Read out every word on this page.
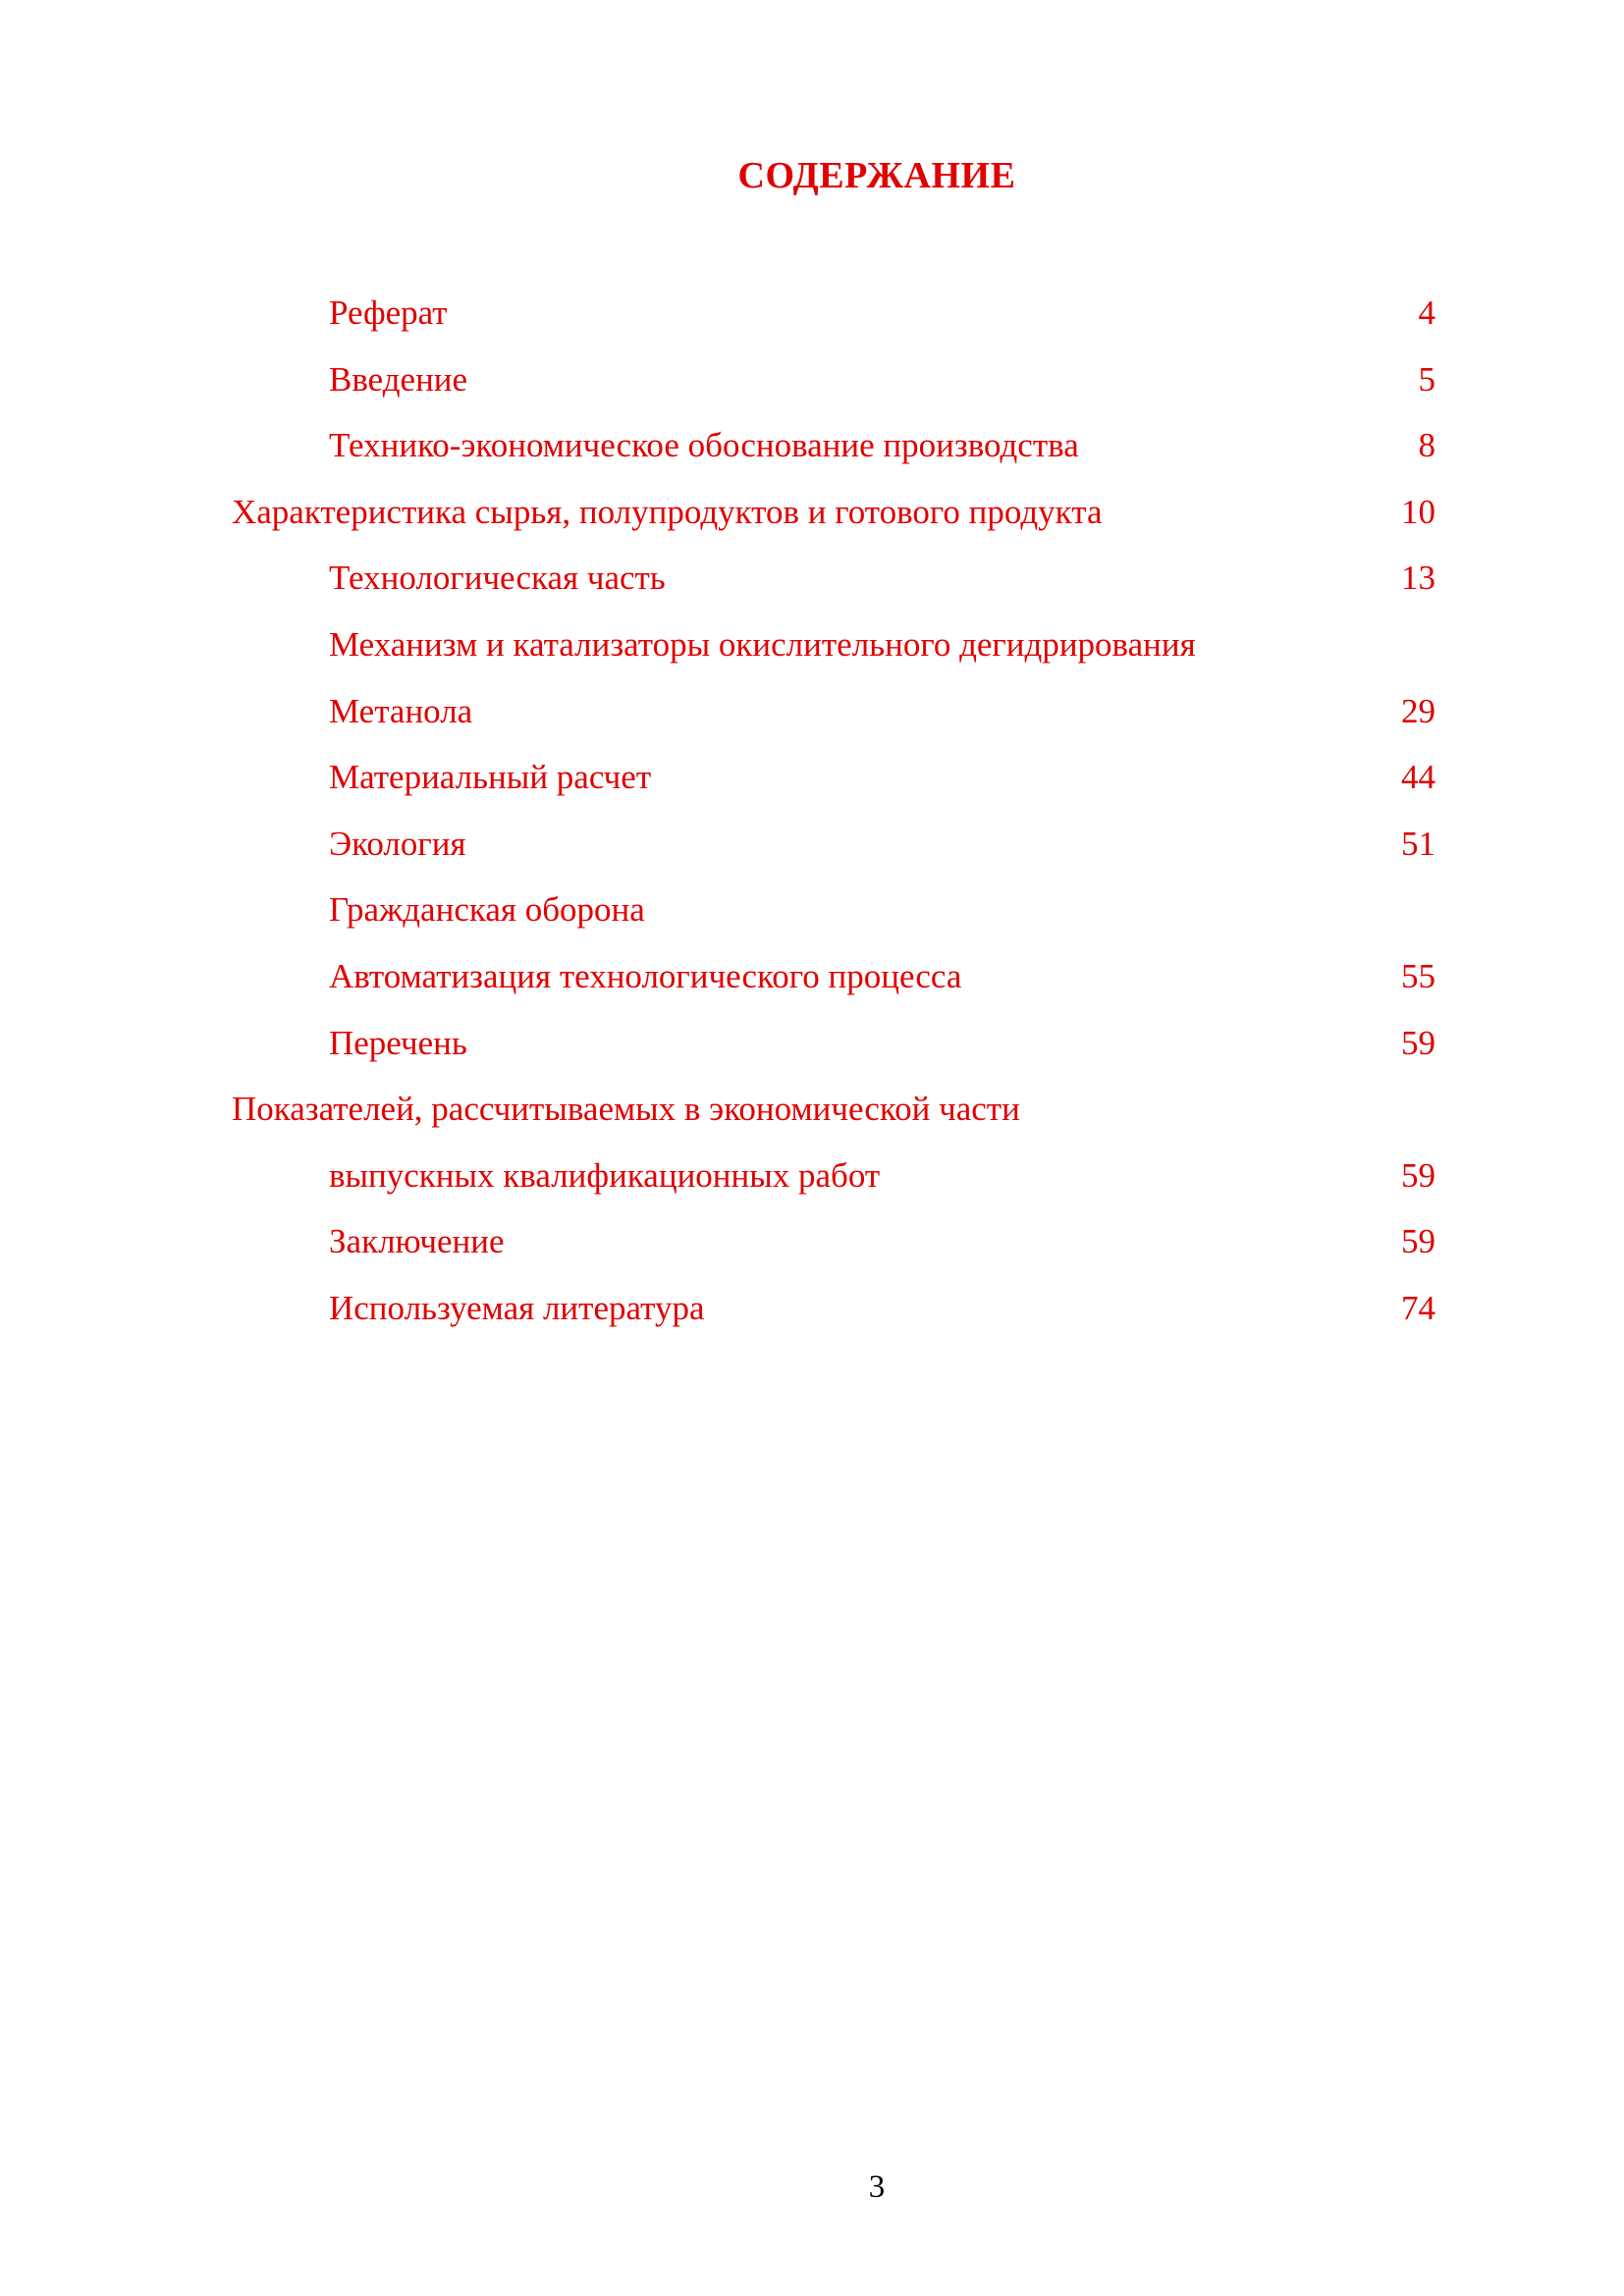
СОДЕРЖАНИЕ
Реферат	4
Введение	5
Технико-экономическое обоснование производства	8
Характеристика сырья, полупродуктов и готового продукта	10
Технологическая часть	13
Механизм и катализаторы окислительного дегидрирования
Метанола	29
Материальный расчет	44
Экология	51
Гражданская оборона
Автоматизация технологического процесса	55
Перечень	59
Показателей, рассчитываемых в экономической части
выпускных квалификационных работ	59
Заключение	59
Используемая литература	74
3
